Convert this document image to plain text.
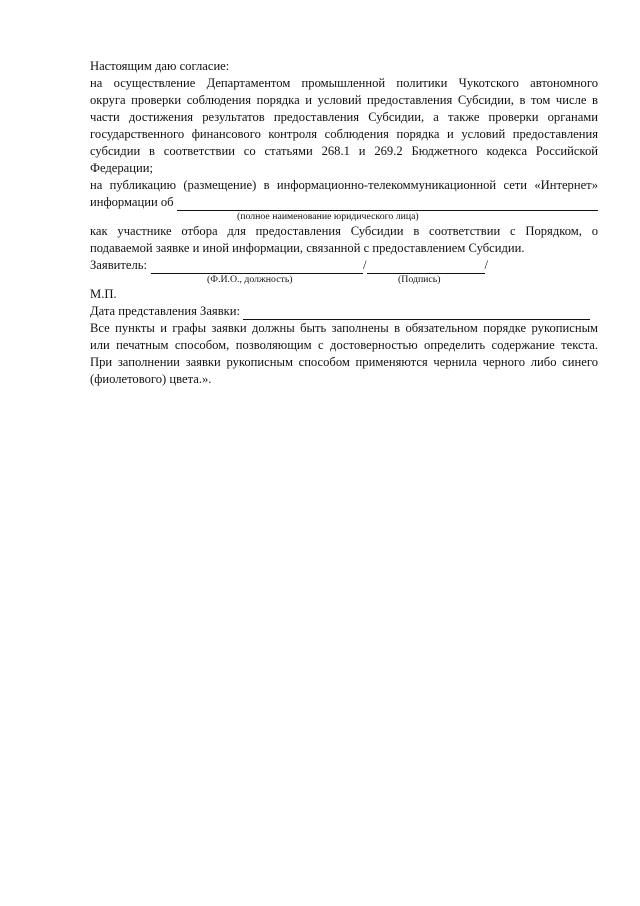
Настоящим даю согласие:
на осуществление Департаментом промышленной политики Чукотского автономного
округа проверки соблюдения порядка и условий предоставления Субсидии, в том числе в
части достижения результатов предоставления Субсидии, а также проверки органами
государственного финансового контроля соблюдения порядка и условий предоставления
субсидии в соответствии со статьями 268.1 и 269.2 Бюджетного кодекса Российской
Федерации;
на публикацию (размещение) в информационно-телекоммуникационной сети «Интернет»
информации об
(полное наименование юридического лица)
как участнике отбора для предоставления Субсидии в соответствии с Порядком, о
подаваемой заявке и иной информации, связанной с предоставлением Субсидии.
Заявитель:	/	/
(Ф.И.О., должность)	(Подпись)
М.П.
Дата представления Заявки:
Все пункты и графы заявки должны быть заполнены в обязательном порядке рукописным
или печатным способом, позволяющим с достоверностью определить содержание текста.
При заполнении заявки рукописным способом применяются чернила черного либо синего
(фиолетового) цвета.».
